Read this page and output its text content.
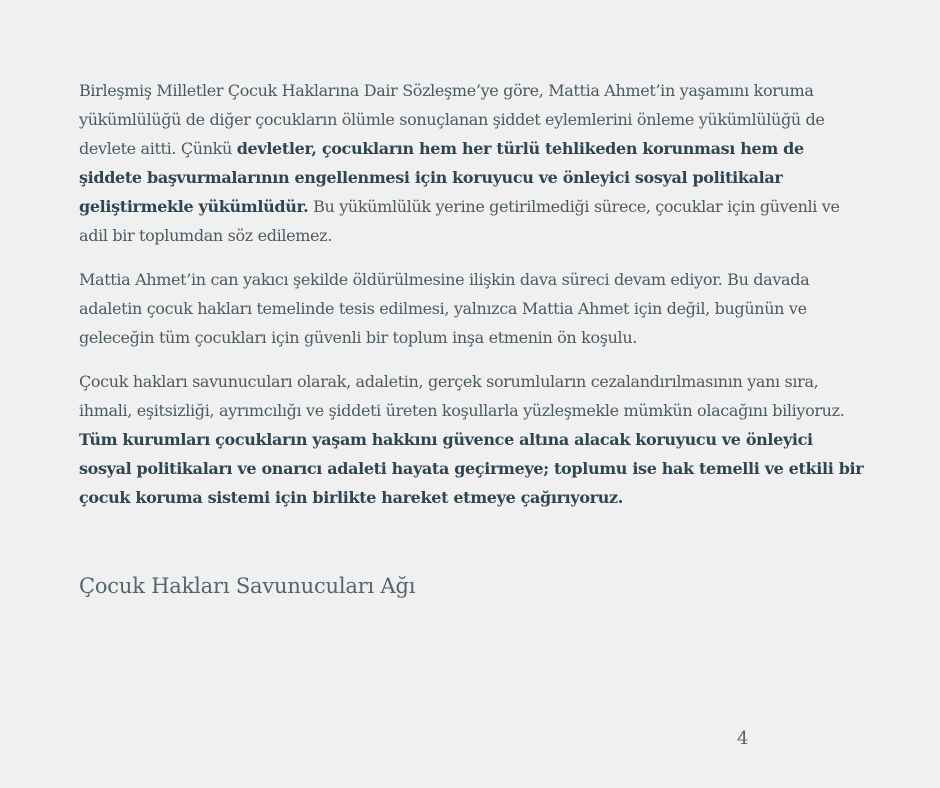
Birleşmiş Milletler Çocuk Haklarına Dair Sözleşme’ye göre, Mattia Ahmet’in yaşamını koruma yükümlülüğü de diğer çocukların ölümle sonuçlanan şiddet eylemlerini önleme yükümlülüğü de devlete aitti. Çünkü devletler, çocukların hem her türlü tehlikeden korunması hem de şiddete başvurmalarının engellenmesi için koruyucu ve önleyici sosyal politikalar geliştirmekle yükümlüdür. Bu yükümlülük yerine getirilmediği sürece, çocuklar için güvenli ve adil bir toplumdan söz edilemez.

Mattia Ahmet’in can yakıcı şekilde öldürülmesine ilişkin dava süreci devam ediyor. Bu davada adaletin çocuk hakları temelinde tesis edilmesi, yalnızca Mattia Ahmet için değil, bugünün ve geleceğin tüm çocukları için güvenli bir toplum inşa etmenin ön koşulu.

Çocuk hakları savunucuları olarak, adaletin, gerçek sorumluların cezalandırılmasının yanı sıra, ihmali, eşitsizliği, ayrımcılığı ve şiddeti üreten koşullarla yüzleşmekle mümkün olacağını biliyoruz. Tüm kurumları çocukların yaşam hakkını güvence altına alacak koruyucu ve önleyici sosyal politikaları ve onarıcı adaleti hayata geçirmeye; toplumu ise hak temelli ve etkili bir çocuk koruma sistemi için birlikte hareket etmeye çağırıyoruz.

Çocuk Hakları Savunucuları Ağı
4
